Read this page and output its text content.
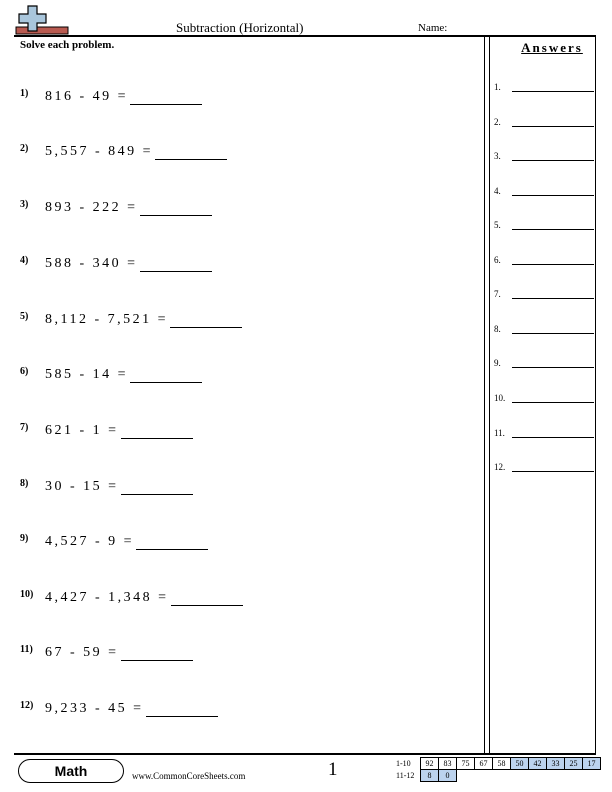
Subtraction (Horizontal)	Name:
Solve each problem.	Answers
1)	816 - 49 =
2)	5,557 - 849 =
3)	893 - 222 =
4)	588 - 340 =
5)	8,112 - 7,521 =
6)	585 - 14 =
7)	621 - 1 =
8)	30 - 15 =
9)	4,527 - 9 =
10) 4,427 - 1,348 =
11) 67 - 59 =
12) 9,233 - 45 =
1.
2.
3.
4.
5.
6.
7.
8.
9.
10.
11.
12.
Math	www.CommonCoreSheets.com	1	1-10	92	83	75	67	58	50	42	33	25	17
11-12	8	0								
